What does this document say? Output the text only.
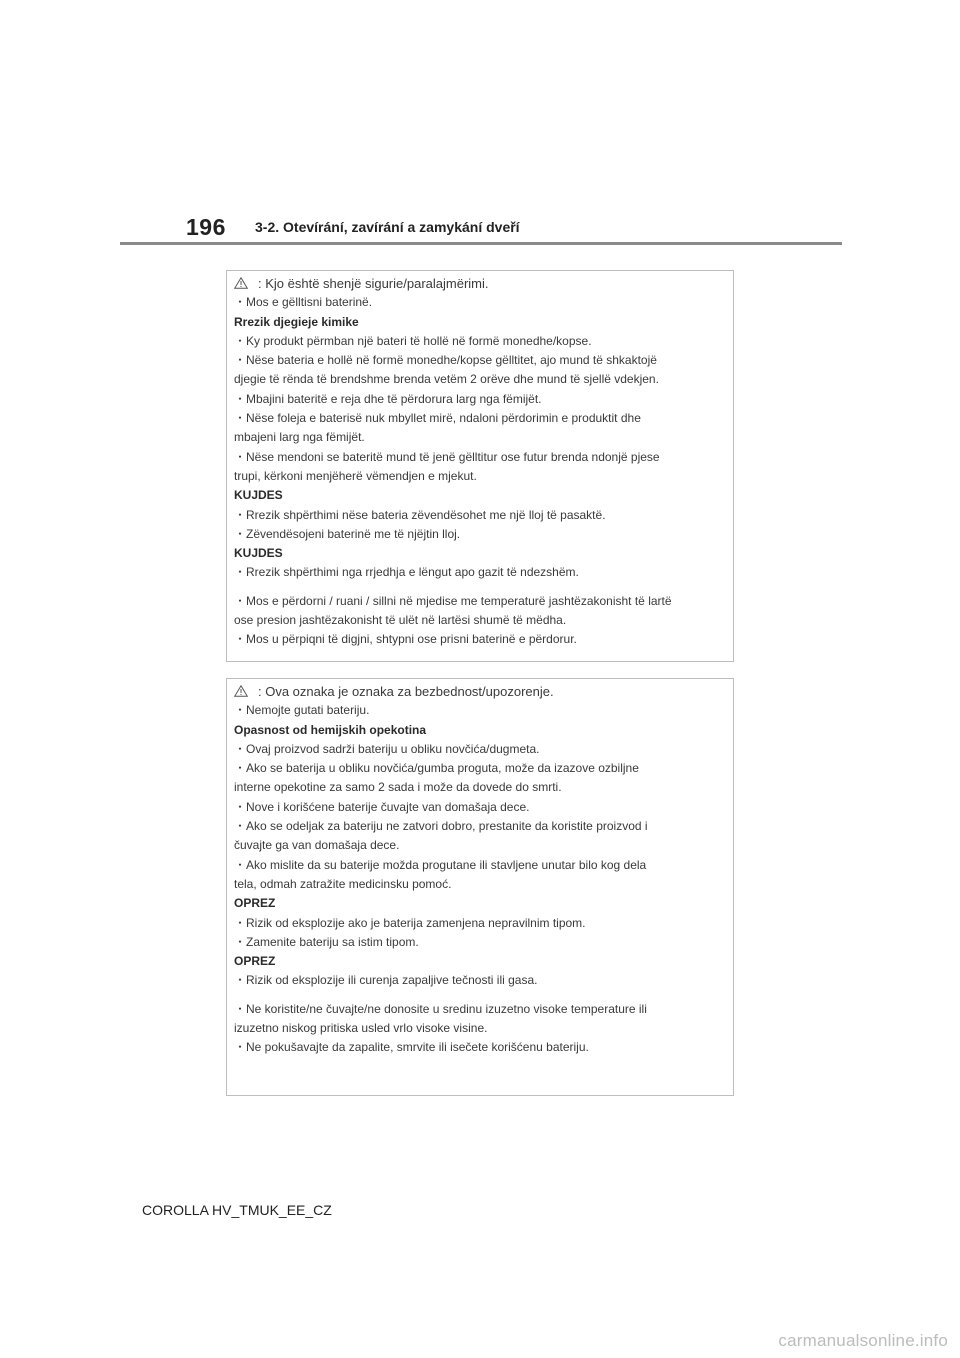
196 3-2. Otevírání, zavírání a zamykání dveří
: Kjo është shenjë sigurie/paralajmërimi.
・Mos e gëlltisni baterinë.
Rrezik djegieje kimike
・Ky produkt përmban një bateri të hollë në formë monedhe/kopse.
・Nëse bateria e hollë në formë monedhe/kopse gëlltitet, ajo mund të shkaktojë
djegie të rënda të brendshme brenda vetëm 2 orëve dhe mund të sjellë vdekjen.
・Mbajini bateritë e reja dhe të përdorura larg nga fëmijët.
・Nëse foleja e baterisë nuk mbyllet mirë, ndaloni përdorimin e produktit dhe
mbajeni larg nga fëmijët.
・Nëse mendoni se bateritë mund të jenë gëlltitur ose futur brenda ndonjë pjese
trupi, kërkoni menjëherë vëmendjen e mjekut.
KUJDES
・Rrezik shpërthimi nëse bateria zëvendësohet me një lloj të pasaktë.
・Zëvendësojeni baterinë me të njëjtin lloj.
KUJDES
・Rrezik shpërthimi nga rrjedhja e lëngut apo gazit të ndezshëm.
・Mos e përdorni / ruani / sillni në mjedise me temperaturë jashtëzakonisht të lartë
ose presion jashtëzakonisht të ulët në lartësi shumë të mëdha.
・Mos u përpiqni të digjni, shtypni ose prisni baterinë e përdorur.
: Ova oznaka je oznaka za bezbednost/upozorenje.
・Nemojte gutati bateriju.
Opasnost od hemijskih opekotina
・Ovaj proizvod sadrži bateriju u obliku novčića/dugmeta.
・Ako se baterija u obliku novčića/gumba proguta, može da izazove ozbiljne
interne opekotine za samo 2 sada i može da dovede do smrti.
・Nove i korišćene baterije čuvajte van domašaja dece.
・Ako se odeljak za bateriju ne zatvori dobro, prestanite da koristite proizvod i
čuvajte ga van domašaja dece.
・Ako mislite da su baterije možda progutane ili stavljene unutar bilo kog dela
tela, odmah zatražite medicinsku pomoć.
OPREZ
・Rizik od eksplozije ako je baterija zamenjena nepravilnim tipom.
・Zamenite bateriju sa istim tipom.
OPREZ
・Rizik od eksplozije ili curenja zapaljive tečnosti ili gasa.
・Ne koristite/ne čuvajte/ne donosite u sredinu izuzetno visoke temperature ili
izuzetno niskog pritiska usled vrlo visoke visine.
・Ne pokušavajte da zapalite, smrvite ili isečete korišćenu bateriju.
COROLLA HV_TMUK_EE_CZ
carmanualsonline.info
